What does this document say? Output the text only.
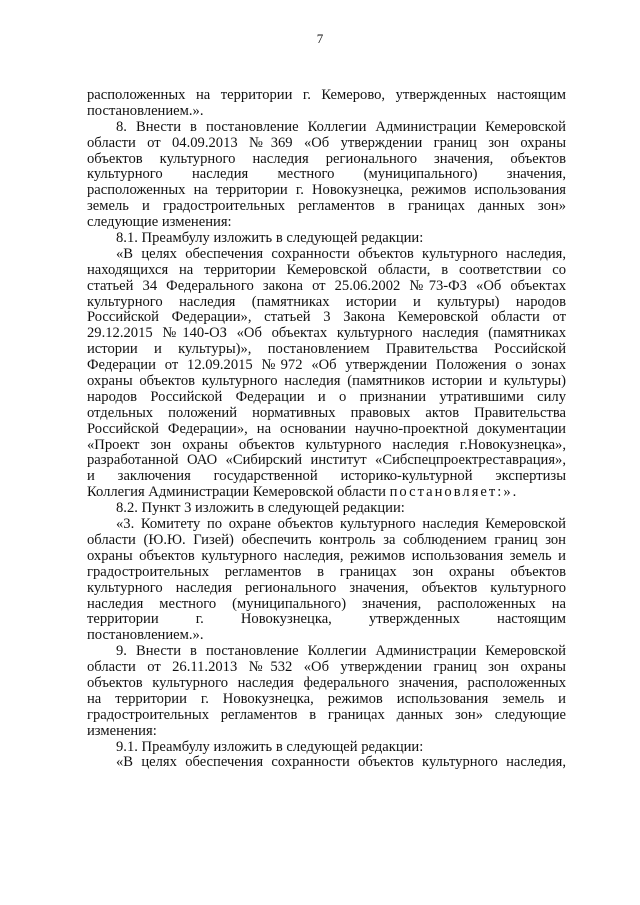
7
расположенных на территории г. Кемерово, утвержденных настоящим
постановлением.».
8. Внести в постановление Коллегии Администрации Кемеровской
области от 04.09.2013 №369 «Об утверждении границ зон охраны
объектов культурного наследия регионального значения, объектов
культурного наследия местного (муниципального) значения,
расположенных на территории г. Новокузнецка, режимов использования
земель и градостроительных регламентов в границах данных зон»
следующие изменения:
8.1. Преамбулу изложить в следующей редакции:
«В целях обеспечения сохранности объектов культурного наследия,
находящихся на территории Кемеровской области, в соответствии со
статьей 34 Федерального закона от 25.06.2002 №73-ФЗ «Об объектах
культурного наследия (памятниках истории и культуры) народов
Российской Федерации», статьей 3 Закона Кемеровской области от
29.12.2015 №140-ОЗ «Об объектах культурного наследия (памятниках
истории и культуры)», постановлением Правительства Российской
Федерации от 12.09.2015 №972 «Об утверждении Положения о зонах
охраны объектов культурного наследия (памятников истории и культуры)
народов Российской Федерации и о признании утратившими силу
отдельных положений нормативных правовых актов Правительства
Российской Федерации», на основании научно-проектной документации
«Проект зон охраны объектов культурного наследия г.Новокузнецка»,
разработанной ОАО «Сибирский институт «Сибспецпроектреставрация»,
и заключения государственной историко-культурной экспертизы
Коллегия Администрации Кемеровской области постановляет:».
8.2. Пункт 3 изложить в следующей редакции:
«3. Комитету по охране объектов культурного наследия Кемеровской
области (Ю.Ю. Гизей) обеспечить контроль за соблюдением границ зон
охраны объектов культурного наследия, режимов использования земель и
градостроительных регламентов в границах зон охраны объектов
культурного наследия регионального значения, объектов культурного
наследия местного (муниципального) значения, расположенных на
территории г. Новокузнецка, утвержденных настоящим
постановлением.».
9. Внести в постановление Коллегии Администрации Кемеровской
области от 26.11.2013 №532 «Об утверждении границ зон охраны
объектов культурного наследия федерального значения, расположенных
на территории г. Новокузнецка, режимов использования земель и
градостроительных регламентов в границах данных зон» следующие
изменения:
9.1. Преамбулу изложить в следующей редакции:
«В целях обеспечения сохранности объектов культурного наследия,
